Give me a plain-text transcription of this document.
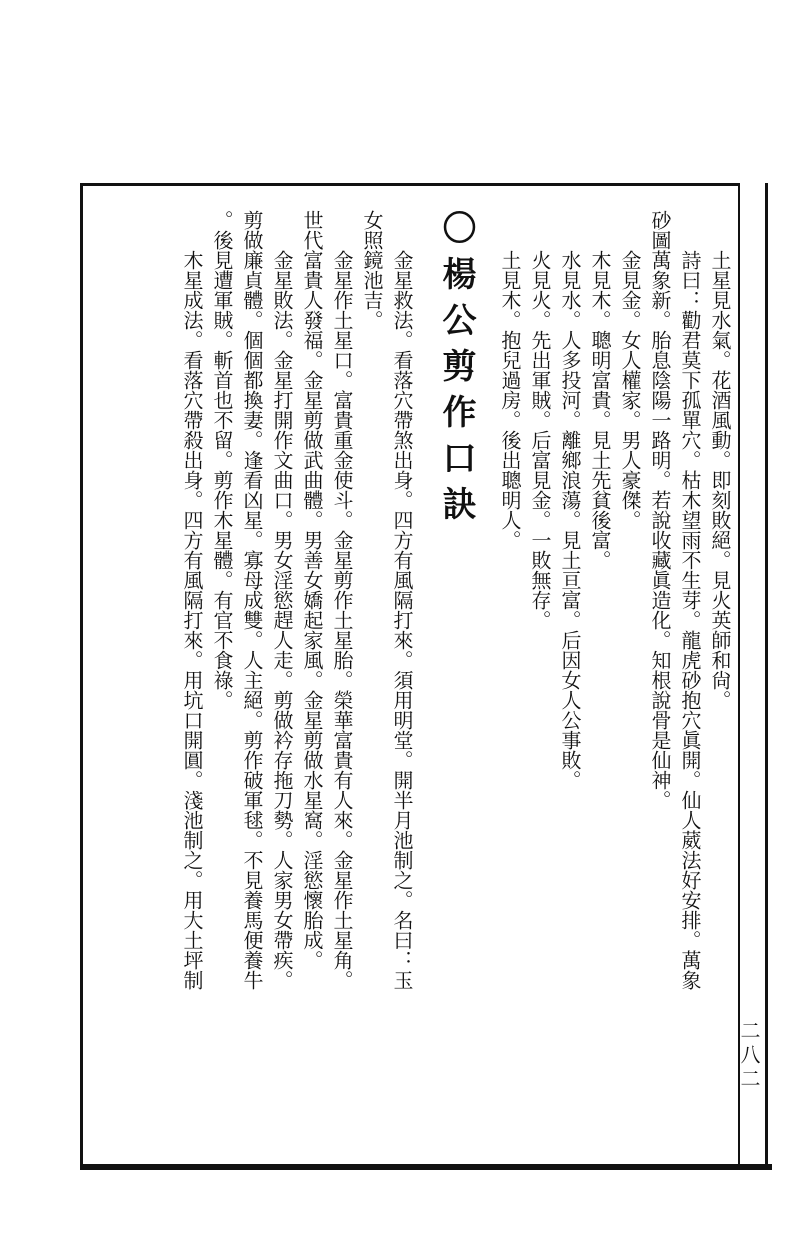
二八二
土星見水氣。花酒風動。即刻敗絕。見火英師和尙。
詩曰：勸君莫下孤單穴。枯木望雨不生芽。龍虎砂抱穴眞開。仙人葳法好安排。萬象
砂圖萬象新。胎息陰陽一路明。若說收藏眞造化。知根說骨是仙神。
金見金。女人權家。男人豪傑。
木見木。聰明富貴。見土先貧後富。
水見水。人多投河。離鄉浪蕩。見土亘富。后因女人公事敗。
火見火。先出軍賊。后富見金。一敗無存。
土見木。抱兒過房。後出聰明人。
〇楊公剪作口訣
金星救法。看落穴帶煞出身。四方有風隔打來。須用明堂。開半月池制之。名曰：玉
女照鏡池吉。
金星作土星口。富貴重金使斗。金星剪作土星胎。榮華富貴有人來。金星作土星角。
世代富貴人發福。金星剪做武曲體。男善女嬌起家風。金星剪做水星窩。淫慾懷胎成。
金星敗法。金星打開作文曲口。男女淫慾趕人走。剪做衿存拖刀勢。人家男女帶疾。
剪做廉貞體。個個都換妻。逢看凶星。寡母成雙。人主絕。剪作破軍毬。不見養馬便養牛
。後見遭軍賊。斬首也不留。剪作木星體。有官不食祿。
木星成法。看落穴帶殺出身。四方有風隔打來。用坑口開圓。淺池制之。用大土坪制
